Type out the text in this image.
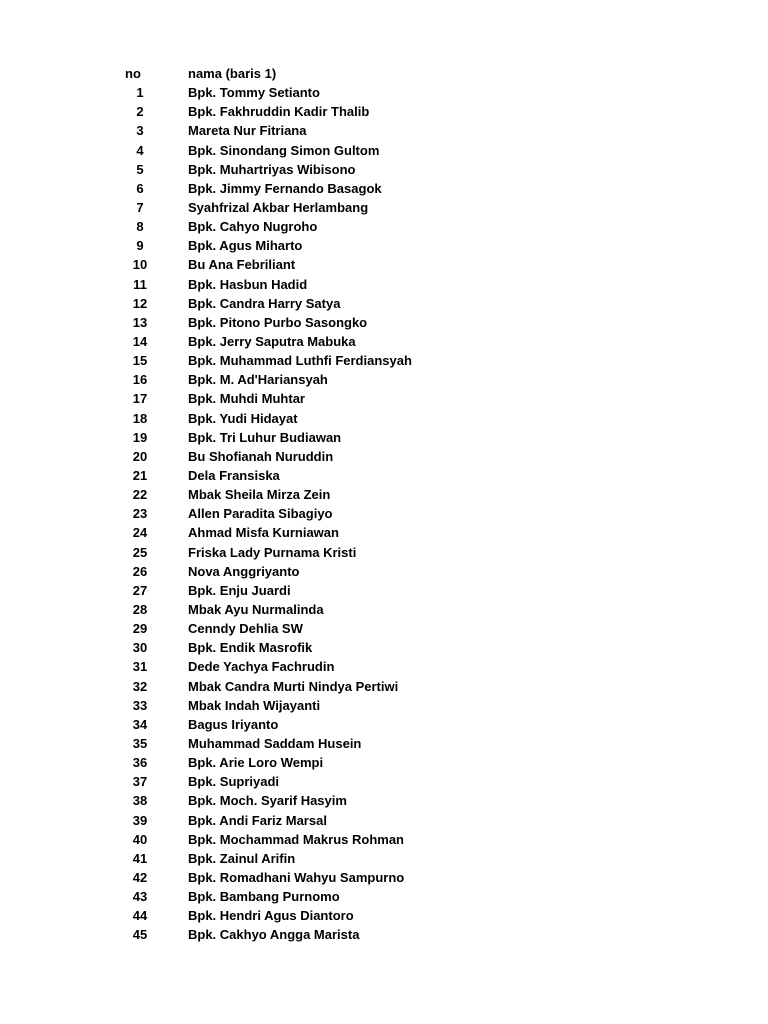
no	nama (baris 1)
1	Bpk. Tommy Setianto
2	Bpk. Fakhruddin Kadir Thalib
3	Mareta Nur Fitriana
4	Bpk. Sinondang Simon Gultom
5	Bpk. Muhartriyas Wibisono
6	Bpk. Jimmy Fernando Basagok
7	Syahfrizal Akbar Herlambang
8	Bpk. Cahyo Nugroho
9	Bpk. Agus Miharto
10	Bu Ana Febriliant
11	Bpk. Hasbun Hadid
12	Bpk. Candra Harry Satya
13	Bpk. Pitono Purbo Sasongko
14	Bpk. Jerry Saputra Mabuka
15	Bpk. Muhammad Luthfi Ferdiansyah
16	Bpk. M. Ad'Hariansyah
17	Bpk. Muhdi Muhtar
18	Bpk. Yudi Hidayat
19	Bpk. Tri Luhur Budiawan
20	Bu Shofianah Nuruddin
21	Dela Fransiska
22	Mbak Sheila Mirza Zein
23	Allen Paradita Sibagiyo
24	Ahmad Misfa Kurniawan
25	Friska Lady Purnama Kristi
26	Nova Anggriyanto
27	Bpk. Enju Juardi
28	Mbak Ayu Nurmalinda
29	Cenndy Dehlia SW
30	Bpk. Endik Masrofik
31	Dede Yachya Fachrudin
32	Mbak Candra Murti Nindya Pertiwi
33	Mbak Indah Wijayanti
34	Bagus Iriyanto
35	Muhammad Saddam Husein
36	Bpk. Arie Loro Wempi
37	Bpk. Supriyadi
38	Bpk. Moch. Syarif Hasyim
39	Bpk. Andi Fariz Marsal
40	Bpk. Mochammad Makrus Rohman
41	Bpk. Zainul Arifin
42	Bpk. Romadhani Wahyu Sampurno
43	Bpk. Bambang Purnomo
44	Bpk. Hendri Agus Diantoro
45	Bpk. Cakhyo Angga Marista
